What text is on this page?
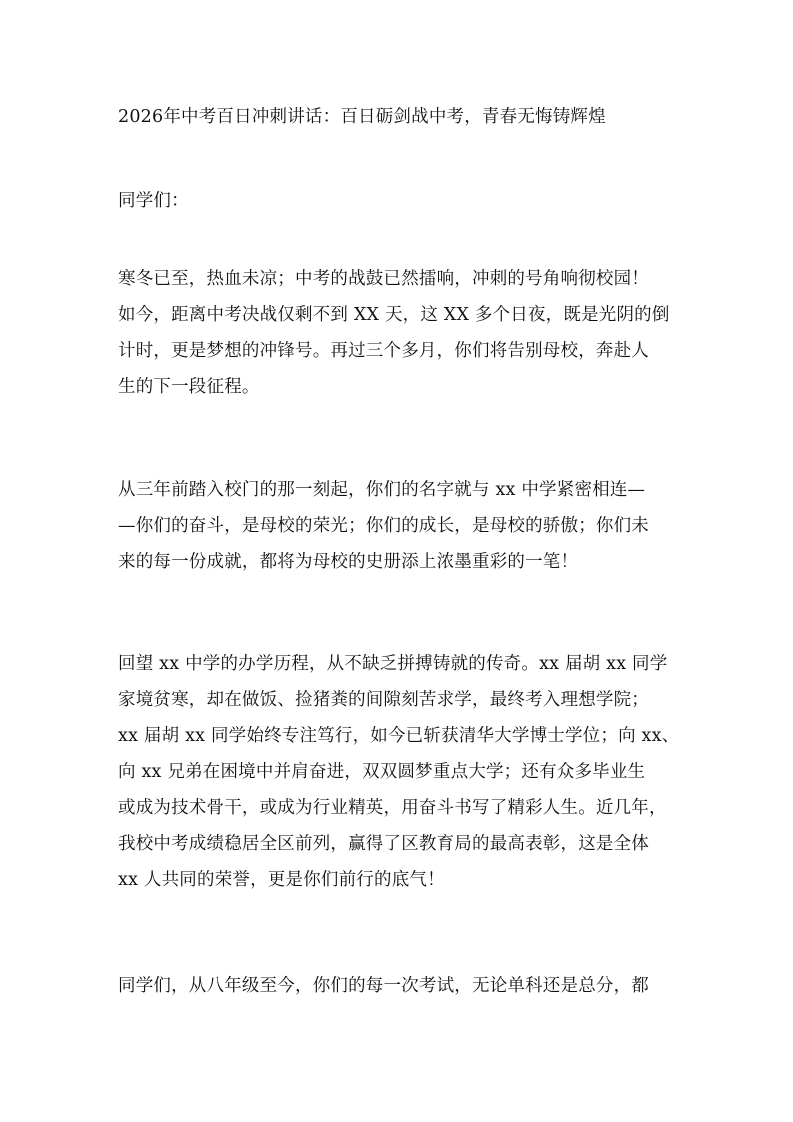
2026年中考百日冲刺讲话：百日砺剑战中考，青春无悔铸辉煌
同学们：
寒冬已至，热血未凉；中考的战鼓已然擂响，冲刺的号角响彻校园！
如今，距离中考决战仅剩不到 XX 天，这 XX 多个日夜，既是光阴的倒
计时，更是梦想的冲锋号。再过三个多月，你们将告别母校，奔赴人
生的下一段征程。
从三年前踏入校门的那一刻起，你们的名字就与 xx 中学紧密相连—
—你们的奋斗，是母校的荣光；你们的成长，是母校的骄傲；你们未
来的每一份成就，都将为母校的史册添上浓墨重彩的一笔！
回望 xx 中学的办学历程，从不缺乏拼搏铸就的传奇。xx 届胡 xx 同学
家境贫寒，却在做饭、捡猪粪的间隙刻苦求学，最终考入理想学院；
xx 届胡 xx 同学始终专注笃行，如今已斩获清华大学博士学位；向 xx、
向 xx 兄弟在困境中并肩奋进，双双圆梦重点大学；还有众多毕业生
或成为技术骨干，或成为行业精英，用奋斗书写了精彩人生。近几年，
我校中考成绩稳居全区前列，赢得了区教育局的最高表彰，这是全体
xx 人共同的荣誉，更是你们前行的底气！
同学们，从八年级至今，你们的每一次考试，无论单科还是总分，都
